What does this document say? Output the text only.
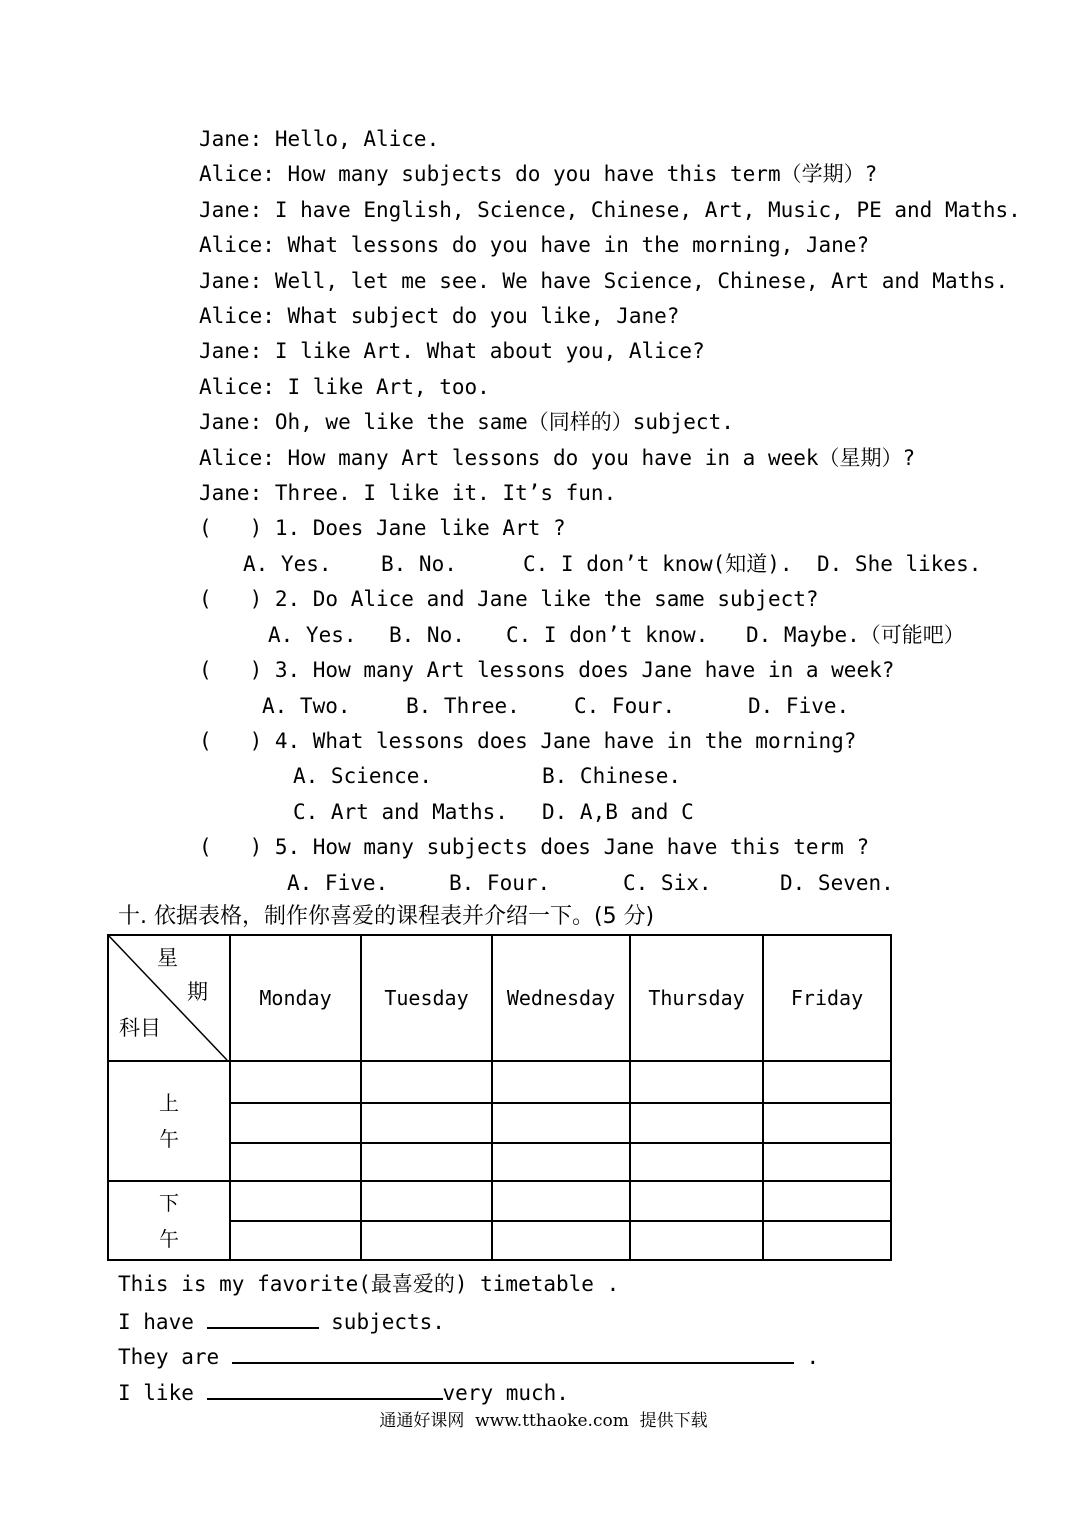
Jane: Hello, Alice.
Alice: How many subjects do you have this term（学期）?
Jane: I have English, Science, Chinese, Art, Music, PE and Maths.
Alice: What lessons do you have in the morning, Jane?
Jane: Well, let me see. We have Science, Chinese, Art and Maths.
Alice: What subject do you like, Jane?
Jane: I like Art. What about you, Alice?
Alice: I like Art, too.
Jane: Oh, we like the same（同样的）subject.
Alice: How many Art lessons do you have in a week（星期）?
Jane: Three. I like it. It’s fun.
(   ) 1. Does Jane like Art ?
A. Yes. B. No.	C. I don’t know(知道). D. She likes.
(   ) 2. Do Alice and Jane like the same subject?
A. Yes. B. No. C. I don’t know. D. Maybe.（可能吧）
(   ) 3. How many Art lessons does Jane have in a week?
A. Two.	B. Three.	C. Four.	D. Five.
(   ) 4. What lessons does Jane have in the morning?
A. Science.	B. Chinese.
C. Art and Maths. D. A,B and C
(   ) 5. How many subjects does Jane have this term ?
A. Five.	B. Four.	C. Six.	D. Seven.
十. 依据表格，制作你喜爱的课程表并介绍一下。(5 分)
星
期
科目	Monday	Tuesday	Wednesday	Thursday	Friday
上
午					

下
午					

This is my favorite(最喜爱的) timetable .
I have	subjects.
They are	.
I like	very much.
通通好课网  www.tthaoke.com  提供下载
